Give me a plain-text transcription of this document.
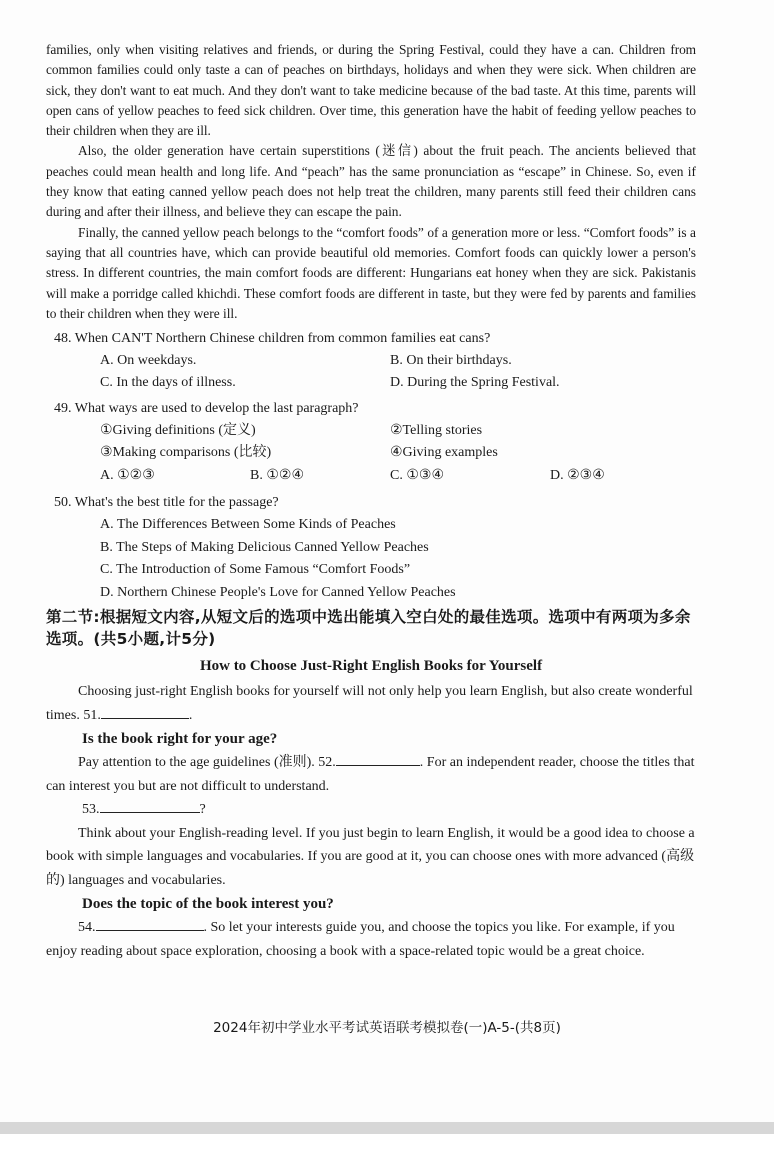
families, only when visiting relatives and friends, or during the Spring Festival, could they have a can. Children from common families could only taste a can of peaches on birthdays, holidays and when they were sick. When children are sick, they don't want to eat much. And they don't want to take medicine because of the bad taste. At this time, parents will open cans of yellow peaches to feed sick children. Over time, this generation have the habit of feeding yellow peaches to their children when they are ill.

Also, the older generation have certain superstitions (迷信) about the fruit peach. The ancients believed that peaches could mean health and long life. And “peach” has the same pronunciation as “escape” in Chinese. So, even if they know that eating canned yellow peach does not help treat the children, many parents still feed their children cans during and after their illness, and believe they can escape the pain.

Finally, the canned yellow peach belongs to the “comfort foods” of a generation more or less. “Comfort foods” is a saying that all countries have, which can provide beautiful old memories. Comfort foods can quickly lower a person's stress. In different countries, the main comfort foods are different: Hungarians eat honey when they are sick. Pakistanis will make a porridge called khichdi. These comfort foods are different in taste, but they were fed by parents and families to their children when they were ill.

48. When CAN'T Northern Chinese children from common families eat cans?
A. On weekdays.	B. On their birthdays.
C. In the days of illness.	D. During the Spring Festival.
49. What ways are used to develop the last paragraph?
①Giving definitions (定义)	②Telling stories
③Making comparisons (比较)	④Giving examples
A. ①②③	B. ①②④	C. ①③④	D. ②③④
50. What's the best title for the passage?
A. The Differences Between Some Kinds of Peaches
B. The Steps of Making Delicious Canned Yellow Peaches
C. The Introduction of Some Famous “Comfort Foods”
D. Northern Chinese People's Love for Canned Yellow Peaches
第二节:根据短文内容,从短文后的选项中选出能填入空白处的最佳选项。选项中有两项为多余选项。(共5小题,计5分)
How to Choose Just-Right English Books for Yourself

Choosing just-right English books for yourself will not only help you learn English, but also create wonderful times. 51.	.

Is the book right for your age?

Pay attention to the age guidelines (准则). 52.	. For an independent reader, choose the titles that can interest you but are not difficult to understand.

53.	?

Think about your English-reading level. If you just begin to learn English, it would be a good idea to choose a book with simple languages and vocabularies. If you are good at it, you can choose ones with more advanced (高级的) languages and vocabularies.

Does the topic of the book interest you?

54.	. So let your interests guide you, and choose the topics you like. For example, if you enjoy reading about space exploration, choosing a book with a space-related topic would be a great choice.

2024年初中学业水平考试英语联考模拟卷(一)A-5-(共8页)
